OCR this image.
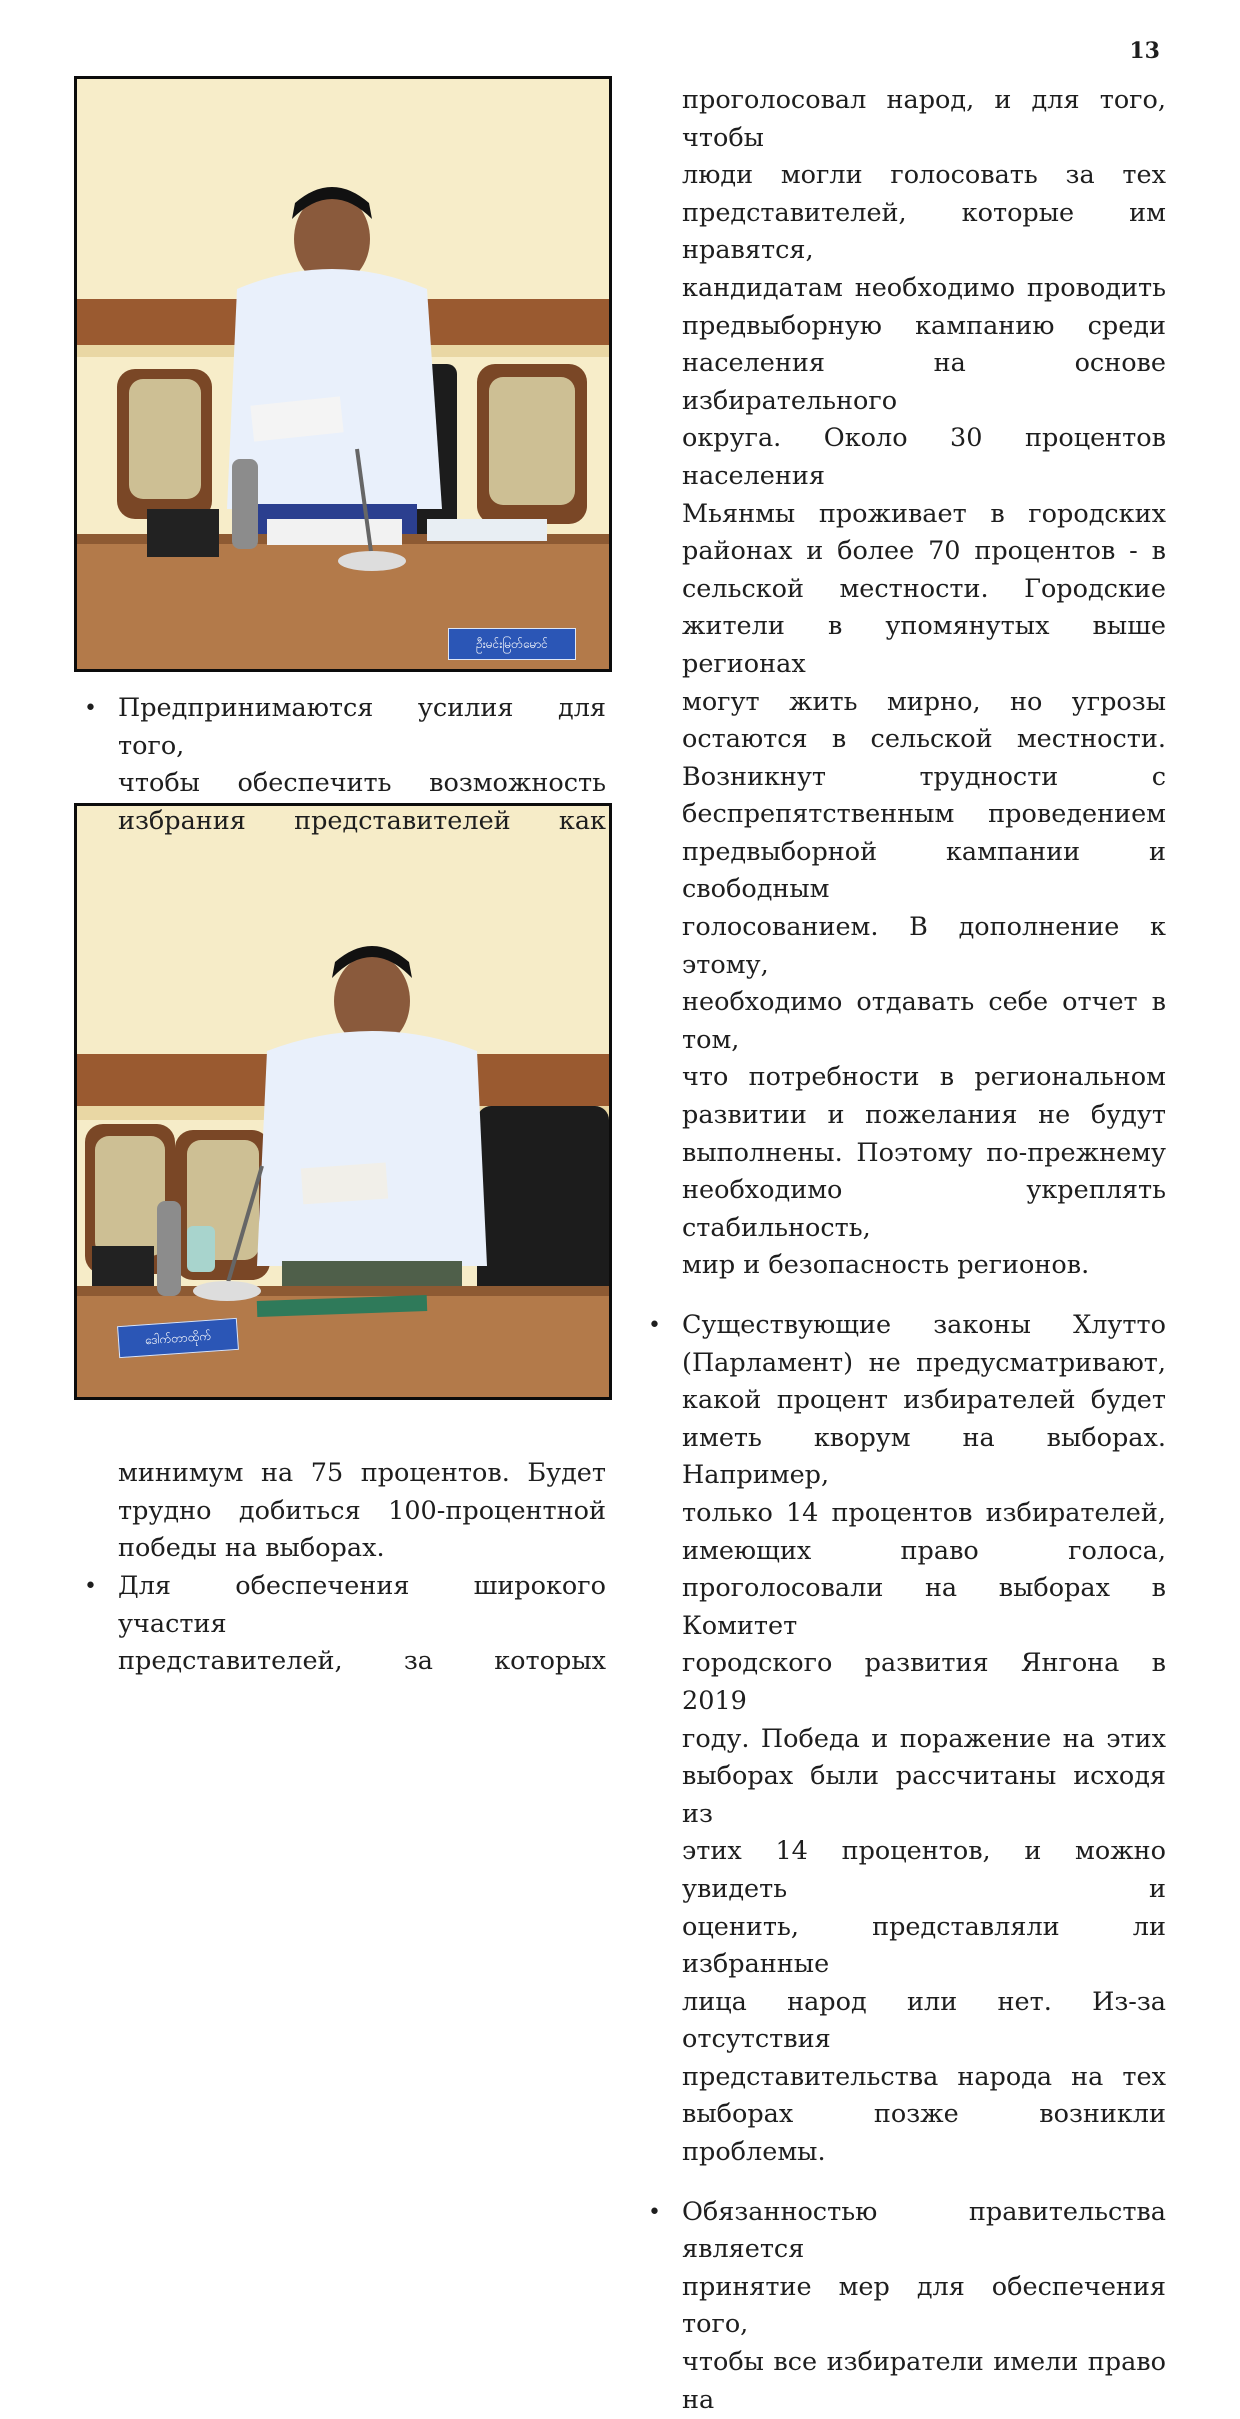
13
• Предпринимаются усилия для того,

чтобы обеспечить возможность

избрания представителей как

минимум на 75 процентов. Будет

трудно добиться 100-процентной

победы на выборах.

• Для обеспечения широкого участия

представителей, за которых

проголосовал народ, и для того, чтобы

люди могли голосовать за тех

представителей, которые им нравятся,

кандидатам необходимо проводить

предвыборную кампанию среди

населения на основе избирательного

округа. Около 30 процентов населения

Мьянмы проживает в городских

районах и более 70 процентов - в

сельской местности. Городские

жители в упомянутых выше регионах

могут жить мирно, но угрозы

остаются в сельской местности.

Возникнут трудности с

беспрепятственным проведением

предвыборной кампании и свободным

голосованием. В дополнение к этому,

необходимо отдавать себе отчет в том,

что потребности в региональном

развитии и пожелания не будут

выполнены. Поэтому по-прежнему

необходимо укреплять стабильность,

мир и безопасность регионов.

• Существующие законы Хлутто

(Парламент) не предусматривают,

какой процент избирателей будет

иметь кворум на выборах. Например,

только 14 процентов избирателей,

имеющих право голоса,

проголосовали на выборах в Комитет

городского развития Янгона в 2019

году. Победа и поражение на этих

выборах были рассчитаны исходя из

этих 14 процентов, и можно увидеть и

оценить, представляли ли избранные

лица народ или нет. Из-за отсутствия

представительства народа на тех

выборах позже возникли проблемы.

• Обязанностью правительства является

принятие мер для обеспечения того,

чтобы все избиратели имели право на

ဦးမင်းမြတ်မောင်
ဒေါက်တာထိုက်
